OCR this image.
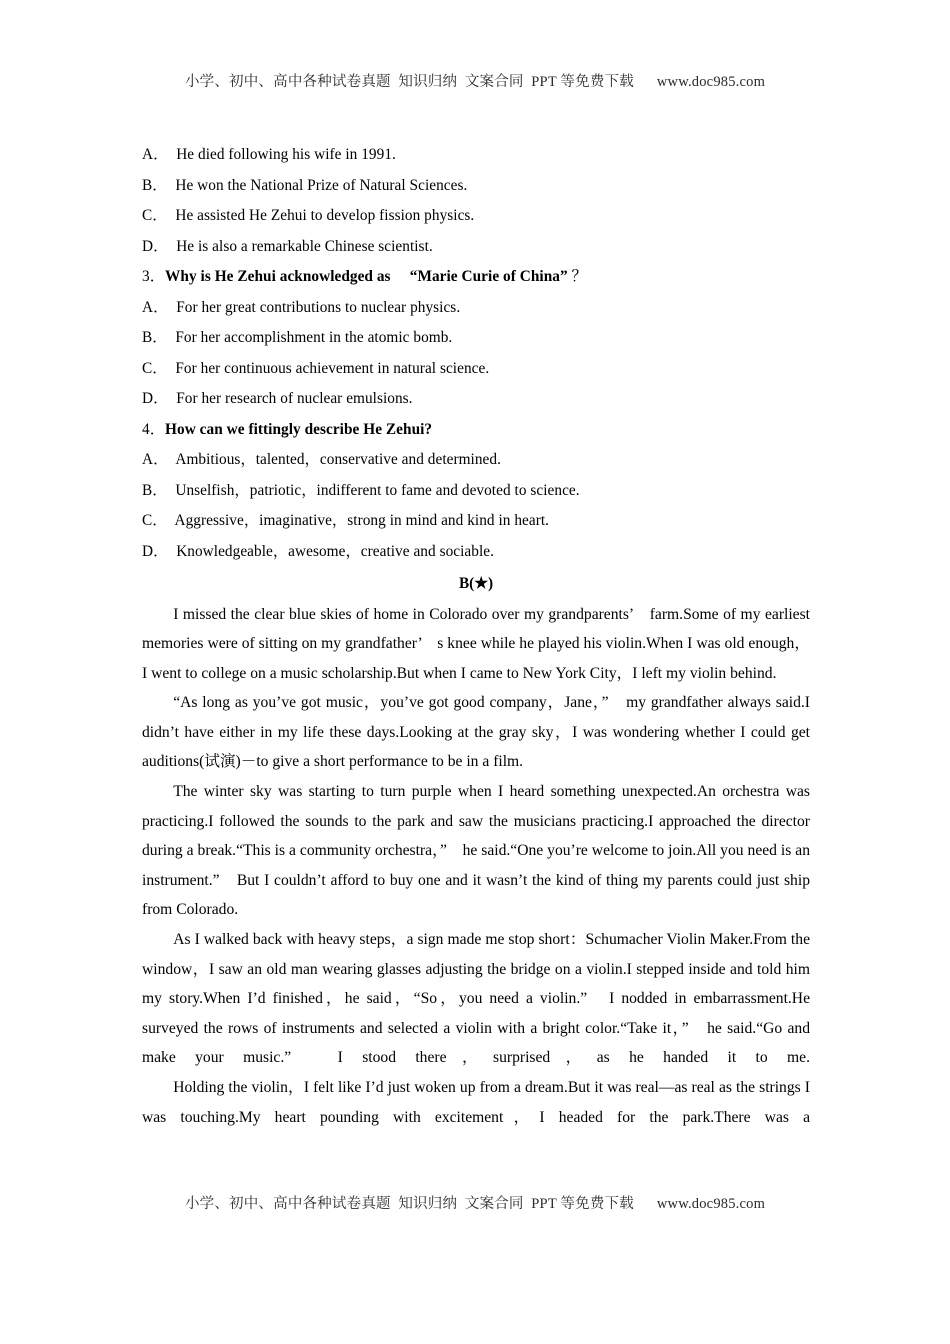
小学、初中、高中各种试卷真题  知识归纳  文案合同  PPT 等免费下载      www.doc985.com
A．  He died following his wife in 1991.
B．  He won the National Prize of Natural Sciences.
C．  He assisted He Zehui to develop fission physics.
D．  He is also a remarkable Chinese scientist.
3．Why is He Zehui acknowledged as 　“Marie Curie of China” ？
A．  For her great contributions to nuclear physics.
B．  For her accomplishment in the atomic bomb.
C．  For her continuous achievement in natural science.
D．  For her research of nuclear emulsions.
4．How can we fittingly describe He Zehui?
A．  Ambitious，talented，conservative and determined.
B．  Unselfish，patriotic，indifferent to fame and devoted to science.
C．  Aggressive，imaginative，strong in mind and kind in heart.
D．  Knowledgeable，awesome，creative and sociable.
B(★)

I missed the clear blue skies of home in Colorado over my grandparents’　farm.Some of my earliest memories were of sitting on my grandfather’　s knee while he played his violin.When I was old enough，I went to college on a music scholarship.But when I came to New York City，I left my violin behind.

“As long as you’ve got music，you’ve got good company，Jane，”　my grandfather always said.I didn’t have either in my life these days.Looking at the gray sky，I was wondering whether I could get auditions(试演)－to give a short performance to be in a film.

The winter sky was starting to turn purple when I heard something unexpected.An orchestra was practicing.I followed the sounds to the park and saw the musicians practicing.I approached the director during a break.“This is a community orchestra，”　he said.“One you’re welcome to join.All you need is an instrument.”　But I couldn’t afford to buy one and it wasn’t the kind of thing my parents could just ship from Colorado.

As I walked back with heavy steps，a sign made me stop short：Schumacher Violin Maker.From the window，I saw an old man wearing glasses adjusting the bridge on a violin.I stepped inside and told him my story.When I’d finished，he said，“So，you need a violin.”　I nodded in embarrassment.He surveyed the rows of instruments and selected a violin with a bright color.“Take it，”　he said.“Go and make your music.”　I stood there，surprised，as he handed it to me.

Holding the violin，I felt like I’d just woken up from a dream.But it was real—as real as the strings I was touching.My heart pounding with excitement，I headed for the park.There was a

小学、初中、高中各种试卷真题  知识归纳  文案合同  PPT 等免费下载      www.doc985.com
